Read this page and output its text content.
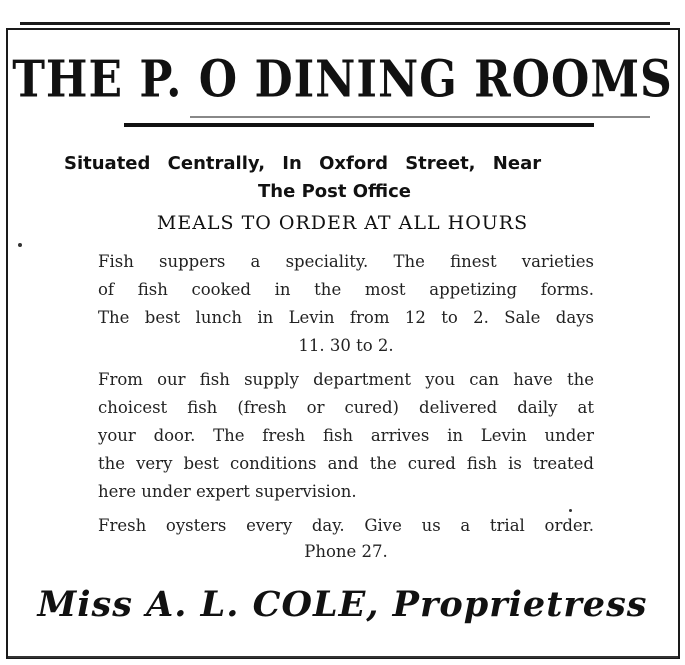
THE P. O DINING ROOMS
Situated Centrally, In Oxford Street, Near
The Post Office
MEALS TO ORDER AT ALL HOURS
Fish suppers a speciality. The finest varieties
of fish cooked in the most appetizing forms.
The best lunch in Levin from 12 to 2. Sale days
11. 30 to 2.
From our fish supply department you can have the
choicest fish (fresh or cured) delivered daily at
your door. The fresh fish arrives in Levin under
the very best conditions and the cured fish is treated
here under expert supervision.
Fresh oysters every day. Give us a trial order.
Phone 27.
Miss A. L. COLE, Proprietress
